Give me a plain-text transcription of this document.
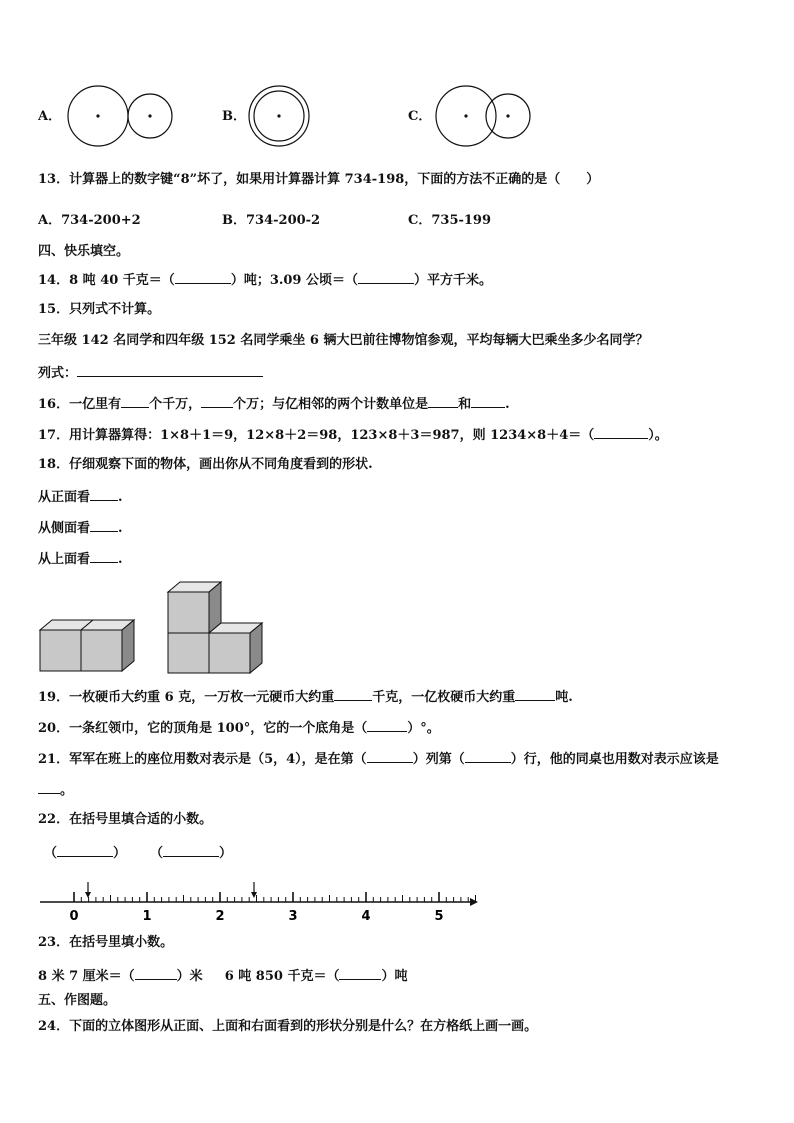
A．	B．	C．
13．计算器上的数字键“8”坏了，如果用计算器计算 734-198，下面的方法不正确的是（　　）
A．734-200+2	B．734-200-2	C．735-199
四、快乐填空。
14．8 吨 40 千克＝（	）吨；3.09 公顷＝（	）平方千米。
15．只列式不计算。
三年级 142 名同学和四年级 152 名同学乘坐 6 辆大巴前往博物馆参观，平均每辆大巴乘坐多少名同学？
列式：
16．一亿里有 个千万， 个万；与亿相邻的两个计数单位是 和	.
17．用计算器算得：1×8＋1＝9，12×8＋2＝98，123×8＋3＝987，则 1234×8＋4＝（	）。
18．仔细观察下面的物体，画出你从不同角度看到的形状.
从正面看 .
从侧面看 .
从上面看 .
19．一枚硬币大约重 6 克，一万枚一元硬币大约重	千克，一亿枚硬币大约重	吨.
20．一条红领巾，它的顶角是 100°，它的一个底角是（	）°。
21．军军在班上的座位用数对表示是（5，4），是在第（	）列第（	）行，他的同桌也用数对表示应该是
。
22．在括号里填合适的小数。
（	） （	）
0	1	2	3	4	5
23．在括号里填小数。
8 米 7 厘米＝（	）米 6 吨 850 千克＝（	）吨
五、作图题。
24．下面的立体图形从正面、上面和右面看到的形状分别是什么？在方格纸上画一画。
